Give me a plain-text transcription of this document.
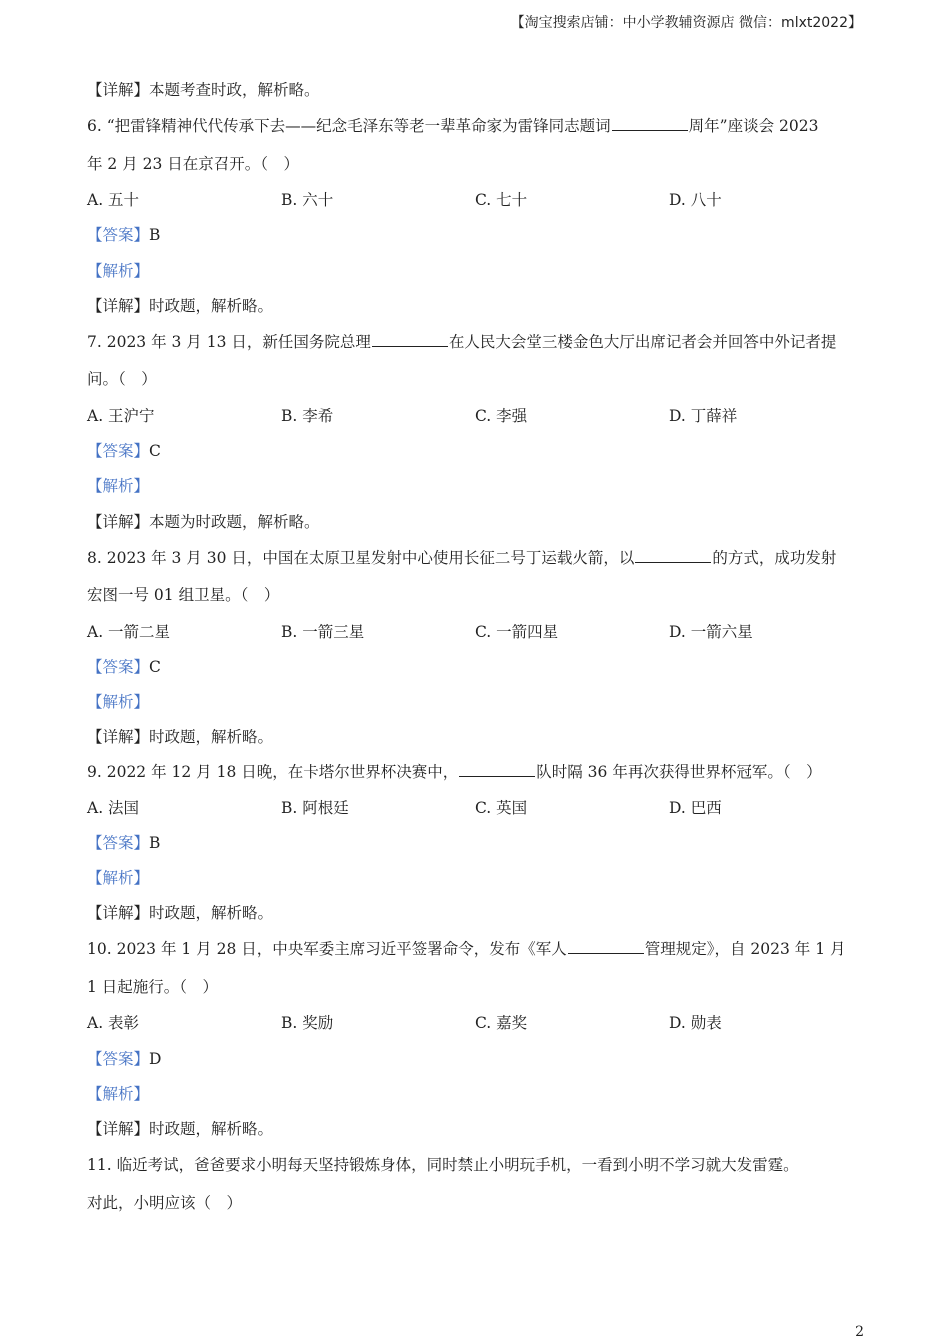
【淘宝搜索店铺：中小学教辅资源店 微信：mlxt2022】
【详解】本题考查时政，解析略。
6. “把雷锋精神代代传承下去——纪念毛泽东等老一辈革命家为雷锋同志题词	周年”座谈会 2023
年 2 月 23 日在京召开。（　）
A. 五十	B. 六十	C. 七十	D. 八十
【答案】B
【解析】
【详解】时政题，解析略。
7. 2023 年 3 月 13 日，新任国务院总理	在人民大会堂三楼金色大厅出席记者会并回答中外记者提
问。（　）
A. 王沪宁	B. 李希	C. 李强	D. 丁薛祥
【答案】C
【解析】
【详解】本题为时政题，解析略。
8. 2023 年 3 月 30 日，中国在太原卫星发射中心使用长征二号丁运载火箭，以	的方式，成功发射
宏图一号 01 组卫星。（　）
A. 一箭二星	B. 一箭三星	C. 一箭四星	D. 一箭六星
【答案】C
【解析】
【详解】时政题，解析略。
9. 2022 年 12 月 18 日晚，在卡塔尔世界杯决赛中，	队时隔 36 年再次获得世界杯冠军。（　）
A. 法国	B. 阿根廷	C. 英国	D. 巴西
【答案】B
【解析】
【详解】时政题，解析略。
10. 2023 年 1 月 28 日，中央军委主席习近平签署命令，发布《军人	管理规定》，自 2023 年 1 月
1 日起施行。（　）
A. 表彰	B. 奖励	C. 嘉奖	D. 勋表
【答案】D
【解析】
【详解】时政题，解析略。
11. 临近考试，爸爸要求小明每天坚持锻炼身体，同时禁止小明玩手机，一看到小明不学习就大发雷霆。
对此，小明应该（　）
2
